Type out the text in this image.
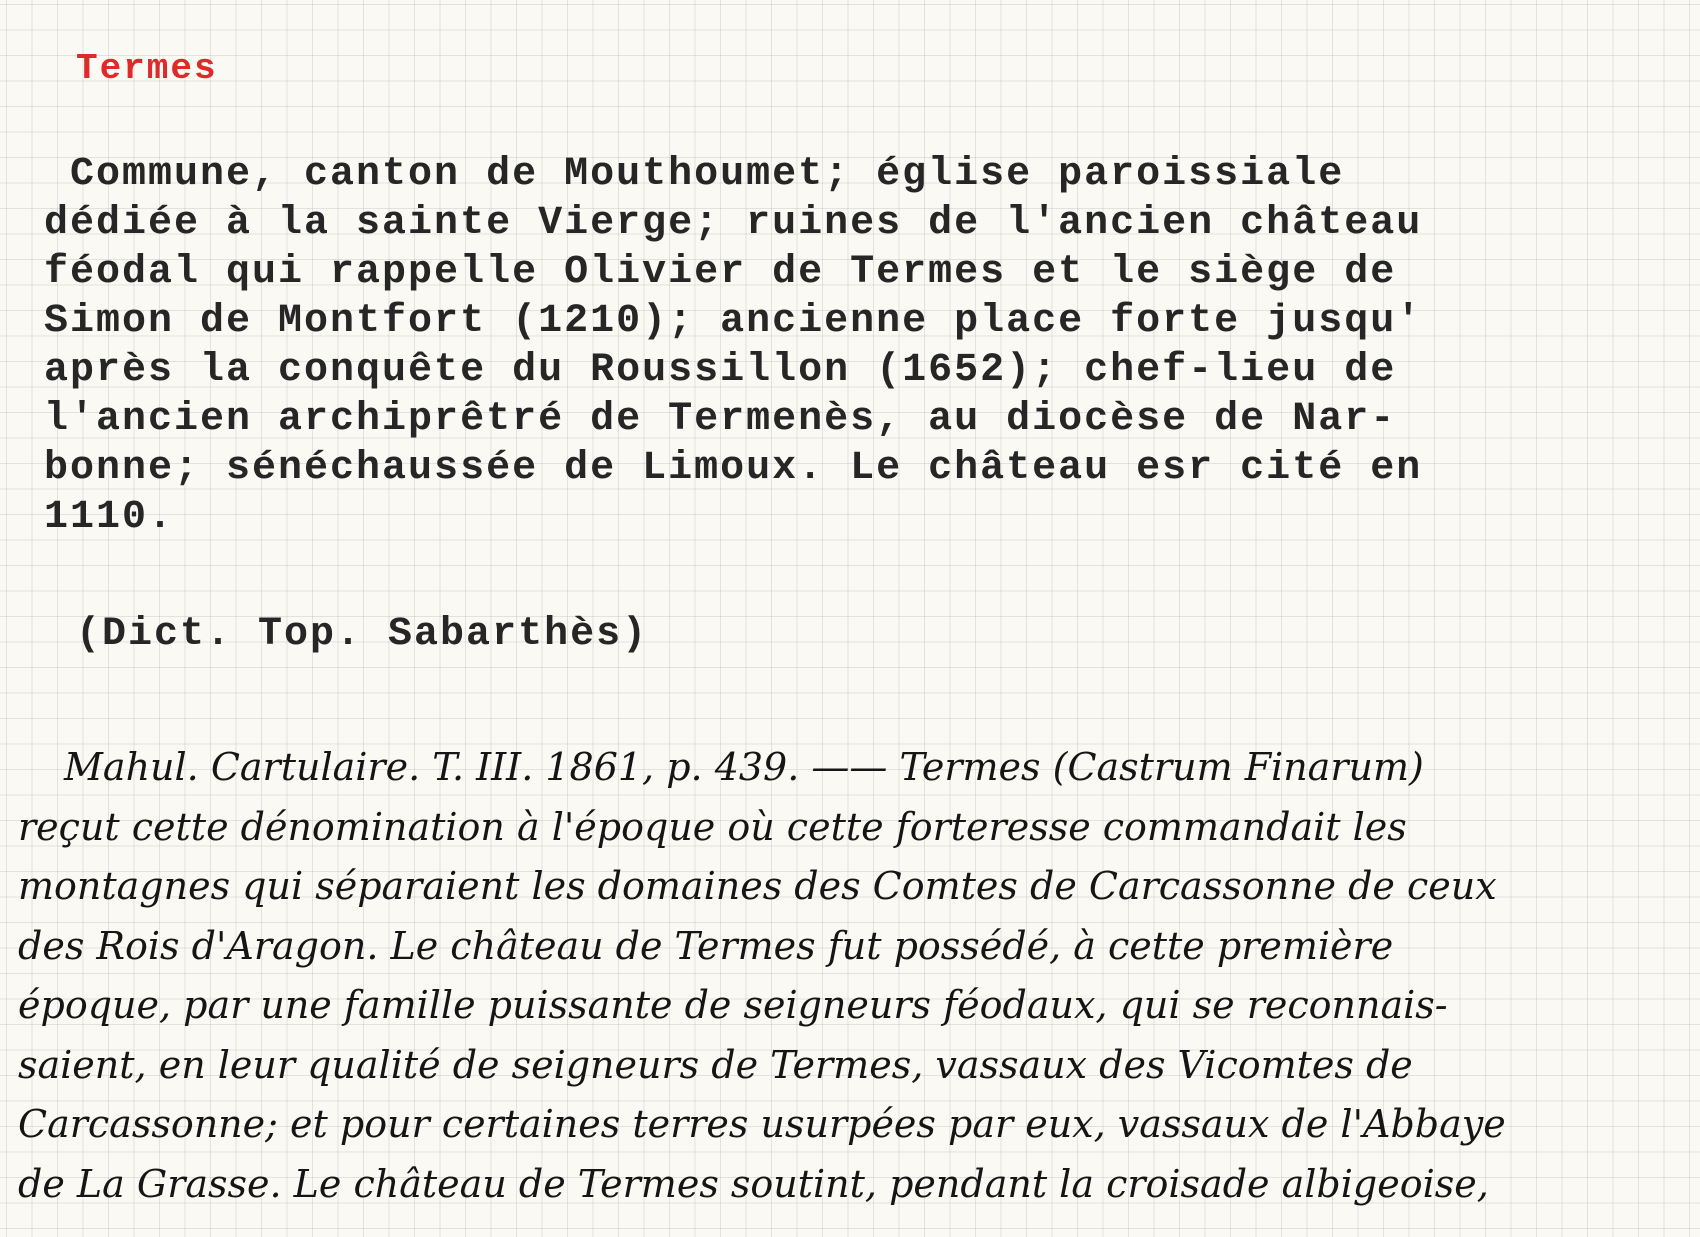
Termes
Commune, canton de Mouthoumet; église paroissiale
dédiée à la sainte Vierge; ruines de l'ancien château
féodal qui rappelle Olivier de Termes et le siège de
Simon de Montfort (1210); ancienne place forte jusqu'
après la conquête du Roussillon (1652); chef-lieu de
l'ancien archiprêtré de Termenès, au diocèse de Nar-
bonne; sénéchaussée de Limoux. Le château esr cité en
1110.

(Dict. Top. Sabarthès)

Mahul. Cartulaire. T. III. 1861, p. 439. —— Termes (Castrum Finarum)
reçut cette dénomination à l'époque où cette forteresse commandait les
montagnes qui séparaient les domaines des Comtes de Carcassonne de ceux
des Rois d'Aragon. Le château de Termes fut possédé, à cette première
époque, par une famille puissante de seigneurs féodaux, qui se reconnais-
saient, en leur qualité de seigneurs de Termes, vassaux des Vicomtes de
Carcassonne; et pour certaines terres usurpées par eux, vassaux de l'Abbaye
de La Grasse. Le château de Termes soutint, pendant la croisade albigeoise,
